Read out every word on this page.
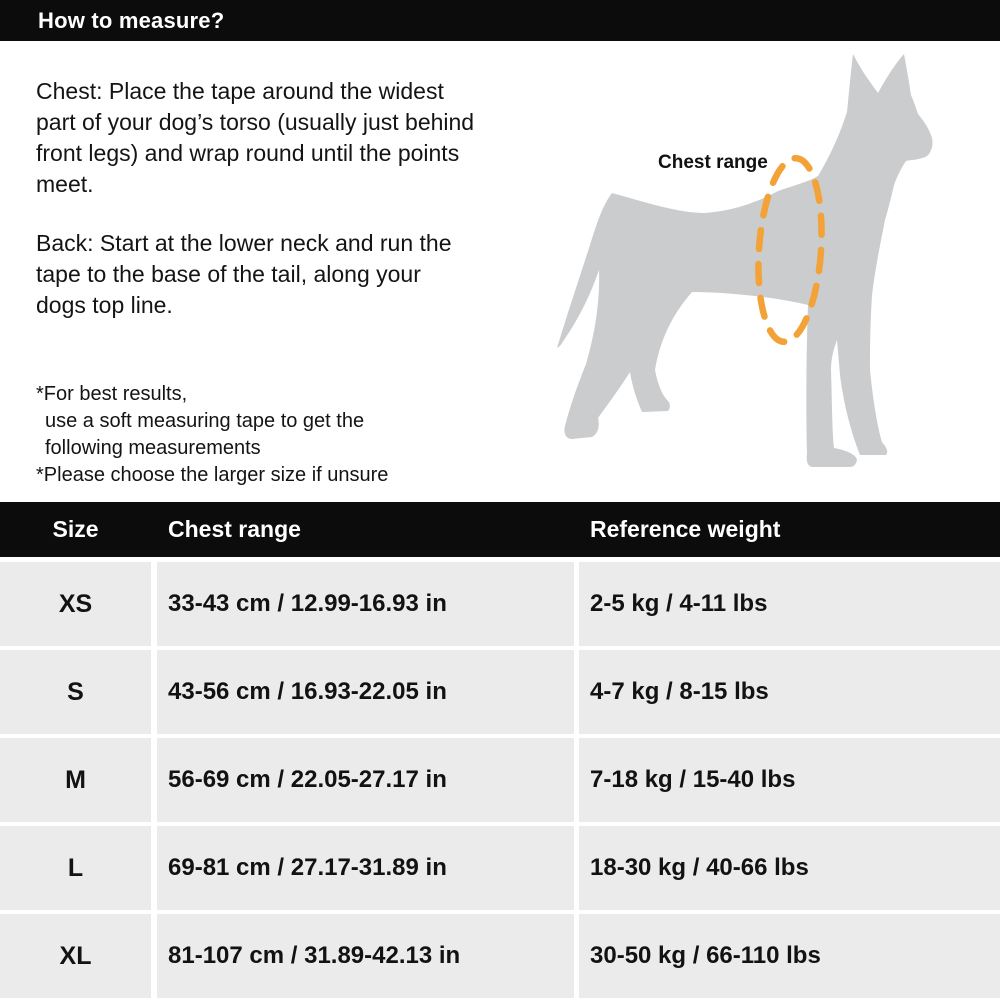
How to measure?
Chest: Place the tape around the widest
part of your dog’s torso (usually just behind
front legs) and wrap round until the points
meet.
Back: Start at the lower neck and run the
tape to the base of the tail, along your
dogs top line.
*For best results,
use a soft measuring tape to get the
following measurements
*Please choose the larger size if unsure
Chest range
Size	Chest range	Reference weight
XS	33-43 cm / 12.99-16.93 in	2-5 kg / 4-11 lbs
S	43-56 cm / 16.93-22.05 in	4-7 kg / 8-15 lbs
M	56-69 cm / 22.05-27.17 in	7-18 kg / 15-40 lbs
L	69-81 cm / 27.17-31.89 in	18-30 kg / 40-66 lbs
XL	81-107 cm / 31.89-42.13 in	30-50 kg / 66-110 lbs
